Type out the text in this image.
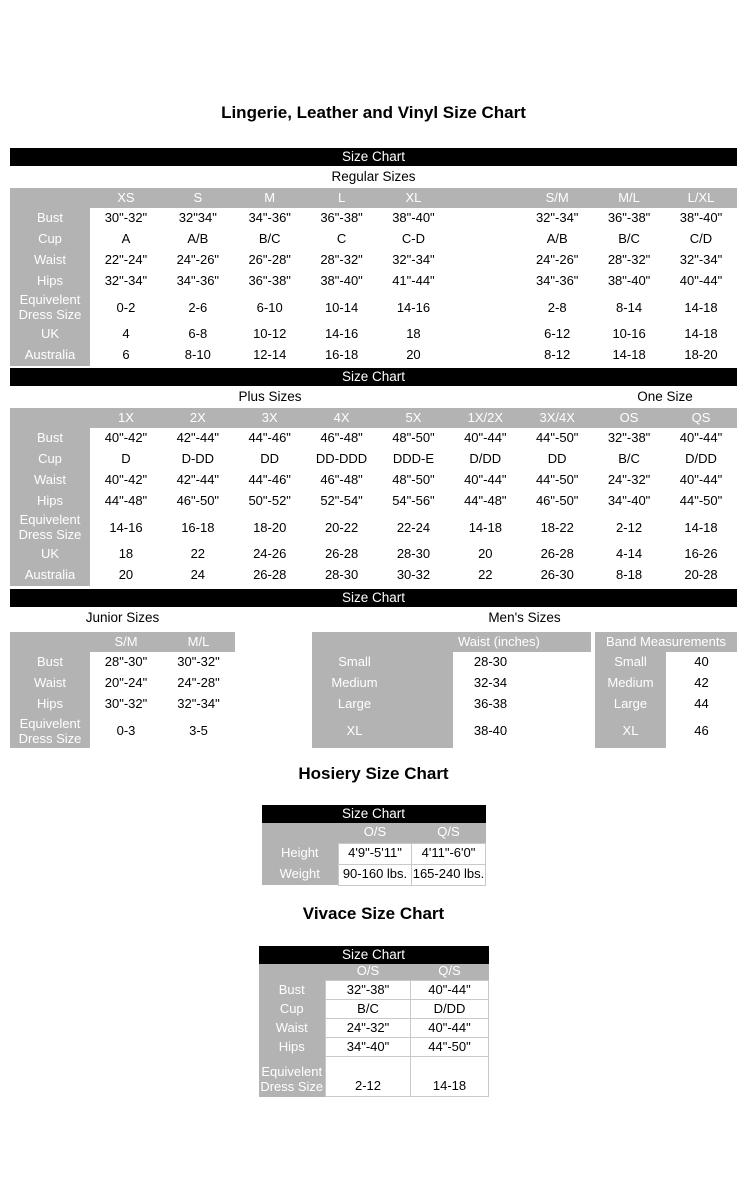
Lingerie, Leather and Vinyl Size Chart
Size Chart
Regular Sizes
	XS	S	M	L	XL		S/M	M/L	L/XL
Bust	30"-32"	32"34"	34"-36"	36"-38"	38"-40"		32"-34"	36"-38"	38"-40"
Cup	A	A/B	B/C	C	C-D		A/B	B/C	C/D
Waist	22"-24"	24"-26"	26"-28"	28"-32"	32"-34"		24"-26"	28"-32"	32"-34"
Hips	32"-34"	34"-36"	36"-38"	38"-40"	41"-44"		34"-36"	38"-40"	40"-44"
Equivelent Dress Size	0-2	2-6	6-10	10-14	14-16		2-8	8-14	14-18
UK	4	6-8	10-12	14-16	18		6-12	10-16	14-18
Australia	6	8-10	12-14	16-18	20		8-12	14-18	18-20
Size Chart
Plus Sizes	One Size
	1X	2X	3X	4X	5X	1X/2X	3X/4X	OS	QS
Bust	40"-42"	42"-44"	44"-46"	46"-48"	48"-50"	40"-44"	44"-50"	32"-38"	40"-44"
Cup	D	D-DD	DD	DD-DDD	DDD-E	D/DD	DD	B/C	D/DD
Waist	40"-42"	42"-44"	44"-46"	46"-48"	48"-50"	40"-44"	44"-50"	24"-32"	40"-44"
Hips	44"-48"	46"-50"	50"-52"	52"-54"	54"-56"	44"-48"	46"-50"	34"-40"	44"-50"
Equivelent Dress Size	14-16	16-18	18-20	20-22	22-24	14-18	18-22	2-12	14-18
UK	18	22	24-26	26-28	28-30	20	26-28	4-14	16-26
Australia	20	24	26-28	28-30	30-32	22	26-30	8-18	20-28
Size Chart
Junior Sizes	Men's Sizes
	S/M	M/L
Bust	28"-30"	30"-32"
Waist	20"-24"	24"-28"
Hips	30"-32"	32"-34"
Equivelent Dress Size	0-3	3-5
	Waist (inches)	
Small	28-30	
Medium	32-34	
Large	36-38	
XL	38-40	
Band Measurements	
Small	40
Medium	42
Large	44
XL	46
Hosiery Size Chart
Size Chart
	O/S	Q/S
Height	4'9"-5'11"	4'11"-6'0"
Weight	90-160 lbs.	165-240 lbs.
Vivace Size Chart
Size Chart
	O/S	Q/S
Bust	32"-38"	40"-44"
Cup	B/C	D/DD
Waist	24"-32"	40"-44"
Hips	34"-40"	44"-50"
Equivelent Dress Size	2-12	14-18
